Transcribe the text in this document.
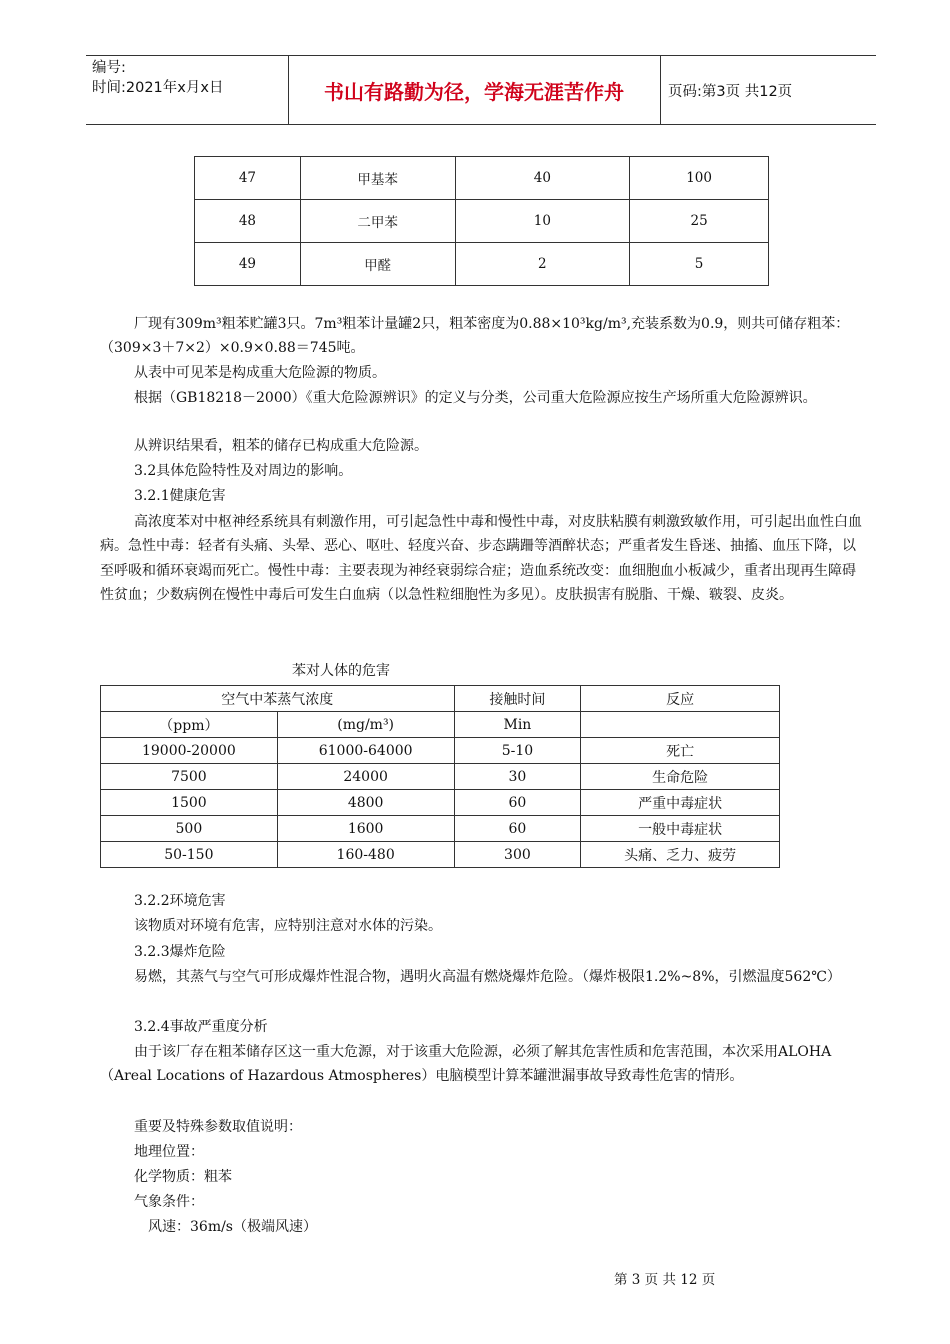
编号:
时间:2021年x月x日	书山有路勤为径，学海无涯苦作舟	页码:第3页 共12页
47	甲基苯	40	100
48	二甲苯	10	25
49	甲醛	2	5

厂现有309m³粗苯贮罐3只。7m³粗苯计量罐2只，粗苯密度为0.88×10³kg/m³,充装系数为0.9，则共可储存粗苯：（309×3＋7×2）×0.9×0.88＝745吨。

从表中可见苯是构成重大危险源的物质。

根据（GB18218－2000）《重大危险源辨识》的定义与分类，公司重大危险源应按生产场所重大危险源辨识。

从辨识结果看，粗苯的储存已构成重大危险源。

3.2具体危险特性及对周边的影响。

3.2.1健康危害

高浓度苯对中枢神经系统具有刺激作用，可引起急性中毒和慢性中毒，对皮肤粘膜有刺激致敏作用，可引起出血性白血病。急性中毒：轻者有头痛、头晕、恶心、呕吐、轻度兴奋、步态蹒跚等酒醉状态；严重者发生昏迷、抽搐、血压下降，以至呼吸和循环衰竭而死亡。慢性中毒：主要表现为神经衰弱综合症；造血系统改变：血细胞血小板减少，重者出现再生障碍性贫血；少数病例在慢性中毒后可发生白血病（以急性粒细胞性为多见）。皮肤损害有脱脂、干燥、皲裂、皮炎。

苯对人体的危害
空气中苯蒸气浓度		接触时间	反应
（ppm）	(mg/m³)	Min	
19000-20000	61000-64000	5-10	死亡
7500	24000	30	生命危险
1500	4800	60	严重中毒症状
500	1600	60	一般中毒症状
50-150	160-480	300	头痛、乏力、疲劳

3.2.2环境危害

该物质对环境有危害，应特别注意对水体的污染。

3.2.3爆炸危险

易燃，其蒸气与空气可形成爆炸性混合物，遇明火高温有燃烧爆炸危险。（爆炸极限1.2%~8%，引燃温度562℃）

3.2.4事故严重度分析

由于该厂存在粗苯储存区这一重大危源，对于该重大危险源，必须了解其危害性质和危害范围，本次采用ALOHA（Areal Locations of Hazardous Atmospheres）电脑模型计算苯罐泄漏事故导致毒性危害的情形。

重要及特殊参数取值说明：

地理位置：

化学物质：粗苯

气象条件：

风速：36m/s（极端风速）

第 3 页 共 12 页
